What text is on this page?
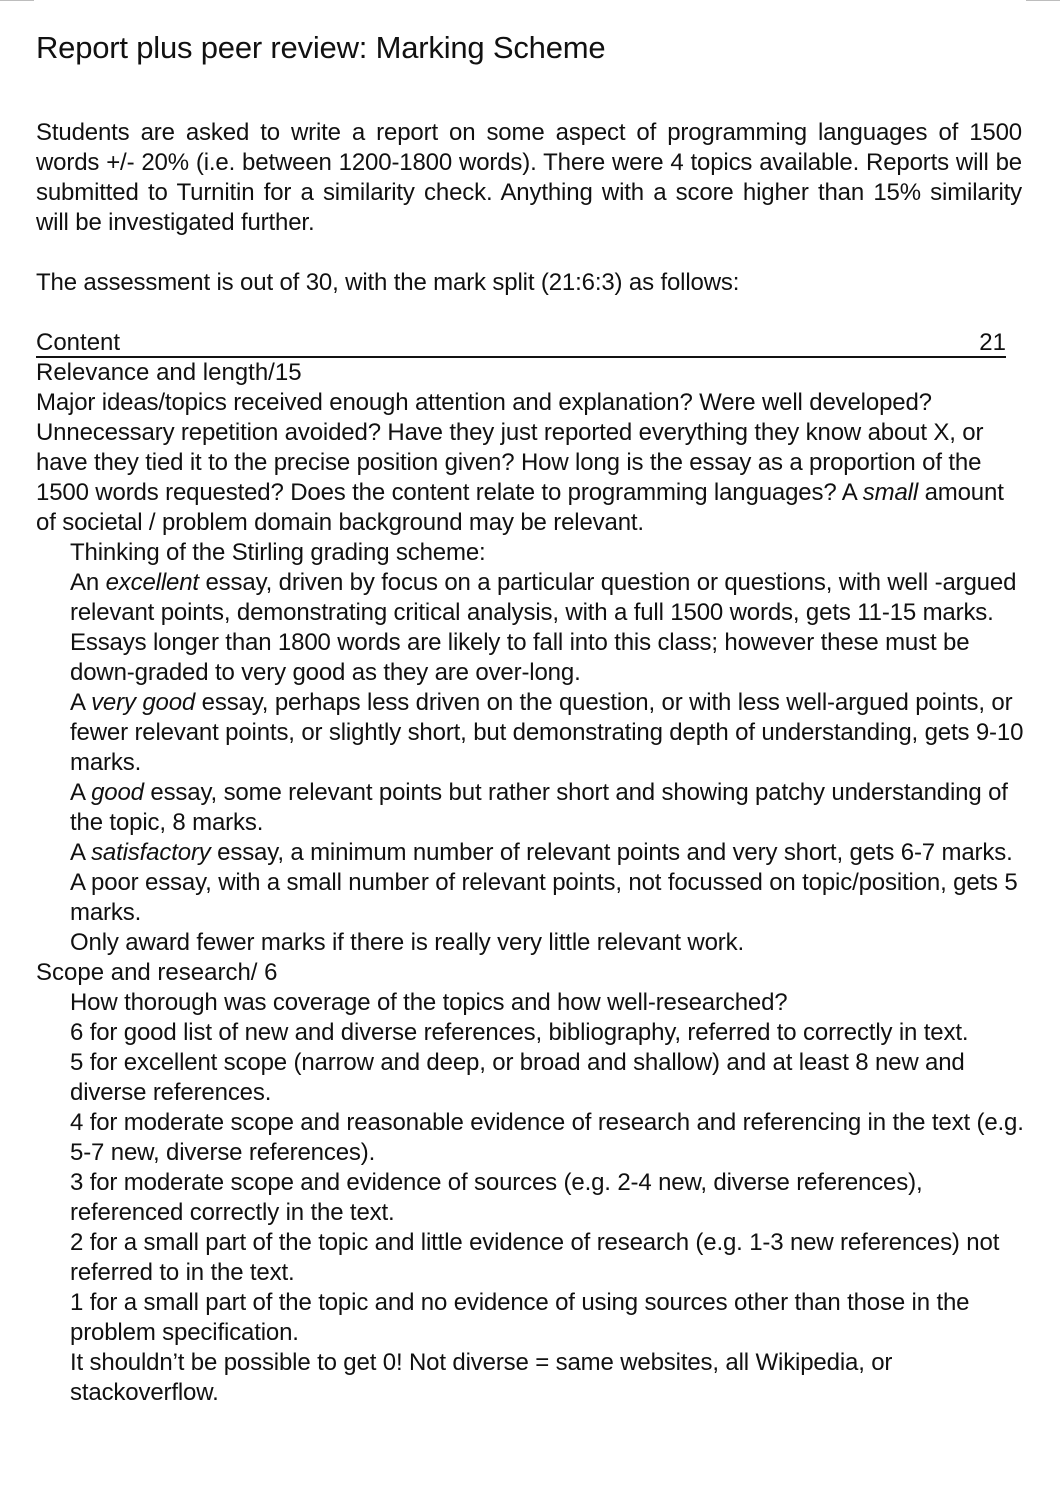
Report plus peer review: Marking Scheme

Students are asked to write a report on some aspect of programming languages of 1500 words +/- 20% (i.e. between 1200-1800 words). There were 4 topics available. Reports will be submitted to Turnitin for a similarity check. Anything with a score higher than 15% similarity will be investigated further.

The assessment is out of 30, with the mark split (21:6:3) as follows:

Content	21

Relevance and length/15

Major ideas/topics received enough attention and explanation? Were well developed? Unnecessary repetition avoided? Have they just reported everything they know about X, or have they tied it to the precise position given? How long is the essay as a proportion of the 1500 words requested? Does the content relate to programming languages? A small amount of societal / problem domain background may be relevant.

Thinking of the Stirling grading scheme:

An excellent essay, driven by focus on a particular question or questions, with well -argued relevant points, demonstrating critical analysis, with a full 1500 words, gets 11-15 marks. Essays longer than 1800 words are likely to fall into this class; however these must be down-graded to very good as they are over-long.

A very good essay, perhaps less driven on the question, or with less well-argued points, or fewer relevant points, or slightly short, but demonstrating depth of understanding, gets 9-10 marks.

A good essay, some relevant points but rather short and showing patchy understanding of the topic, 8 marks.

A satisfactory essay, a minimum number of relevant points and very short, gets 6-7 marks.

A poor essay, with a small number of relevant points, not focussed on topic/position, gets 5 marks.

Only award fewer marks if there is really very little relevant work.

Scope and research/ 6

How thorough was coverage of the topics and how well-researched?

6 for good list of new and diverse references, bibliography, referred to correctly in text.

5 for excellent scope (narrow and deep, or broad and shallow) and at least 8 new and diverse references.

4 for moderate scope and reasonable evidence of research and referencing in the text (e.g. 5-7 new, diverse references).

3 for moderate scope and evidence of sources (e.g. 2-4 new, diverse references), referenced correctly in the text.

2 for a small part of the topic and little evidence of research (e.g. 1-3 new references) not referred to in the text.

1 for a small part of the topic and no evidence of using sources other than those in the problem specification.

It shouldn’t be possible to get 0! Not diverse = same websites, all Wikipedia, or stackoverflow.
